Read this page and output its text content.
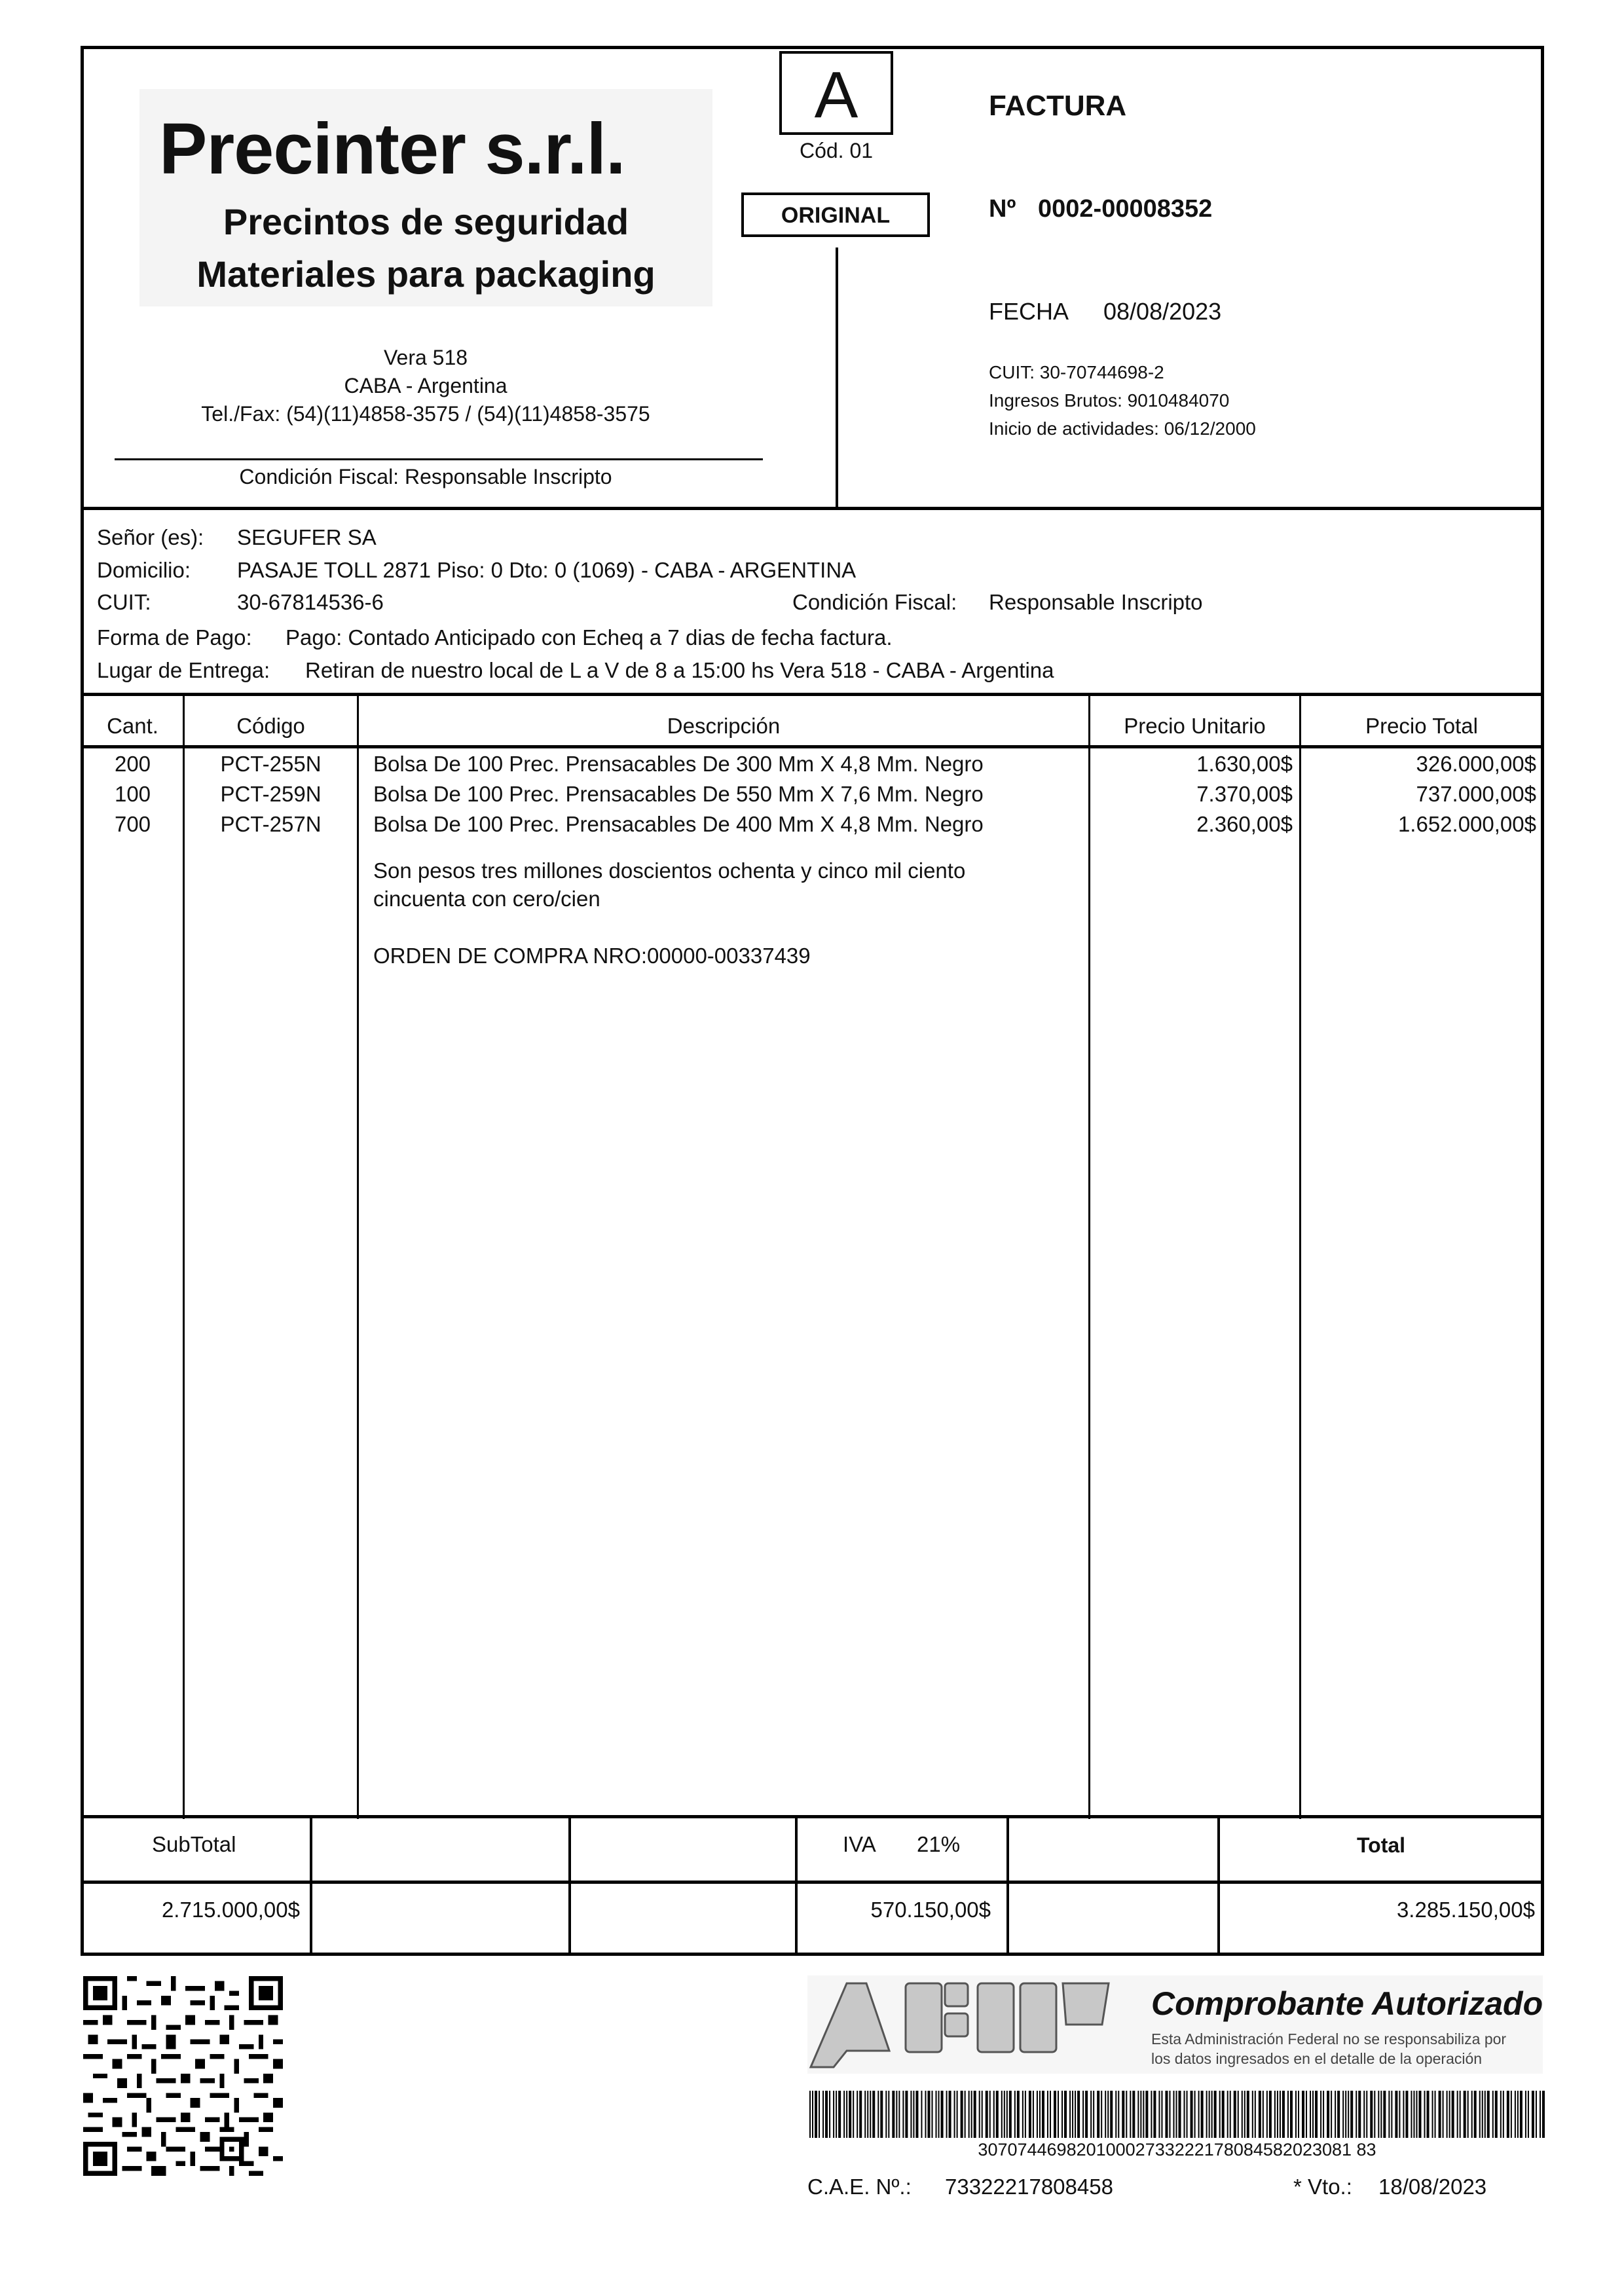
Precinter s.r.l.
Precintos de seguridad
Materiales para packaging
Vera 518
CABA - Argentina
Tel./Fax: (54)(11)4858-3575 / (54)(11)4858-3575
Condición Fiscal: Responsable Inscripto
A
Cód. 01
ORIGINAL
FACTURA
Nº 0002-00008352
FECHA 08/08/2023
CUIT: 30-70744698-2
Ingresos Brutos: 9010484070
Inicio de actividades: 06/12/2000
Señor (es): SEGUFER SA
Domicilio: PASAJE TOLL 2871 Piso: 0 Dto: 0 (1069) - CABA - ARGENTINA
CUIT:	30-67814536-6	Condición Fiscal: Responsable Inscripto
Forma de Pago: Pago: Contado Anticipado con Echeq a 7 dias de fecha factura.
Lugar de Entrega: Retiran de nuestro local de L a V de 8 a 15:00 hs Vera 518 - CABA - Argentina
Cant.	Código	Descripción	Precio Unitario	Precio Total
200	PCT-255N	Bolsa De 100 Prec. Prensacables De 300 Mm X 4,8 Mm. Negro	1.630,00$	326.000,00$
100	PCT-259N	Bolsa De 100 Prec. Prensacables De 550 Mm X 7,6 Mm. Negro	7.370,00$	737.000,00$
700	PCT-257N	Bolsa De 100 Prec. Prensacables De 400 Mm X 4,8 Mm. Negro	2.360,00$	1.652.000,00$
Son pesos tres millones doscientos ochenta y cinco mil ciento
cincuenta con cero/cien
ORDEN DE COMPRA NRO:00000-00337439
SubTotal
2.715.000,00$
IVA 21%
570.150,00$
Total
3.285.150,00$
Comprobante Autorizado
Esta Administración Federal no se responsabiliza por
los datos ingresados en el detalle de la operación
30707446982010002733222178084582023081 83
C.A.E. Nº.: 73322217808458	* Vto.: 18/08/2023
